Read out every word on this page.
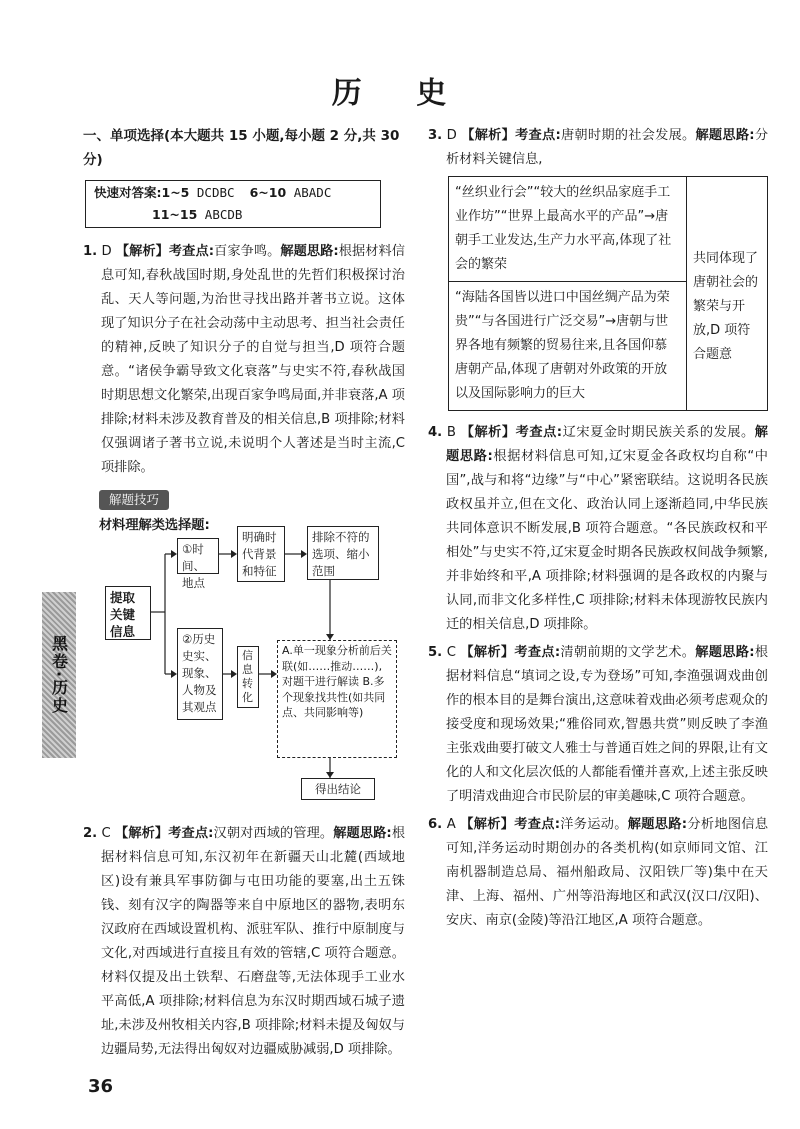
历 史
一、单项选择(本大题共 15 小题,每小题 2 分,共 30 分)
快速对答案:1~5 DCDBC 6~10 ABADC
11~15 ABCDB
1. D 【解析】考查点:百家争鸣。解题思路:根据材料信息可知,春秋战国时期,身处乱世的先哲们积极探讨治乱、天人等问题,为治世寻找出路并著书立说。这体现了知识分子在社会动荡中主动思考、担当社会责任的精神,反映了知识分子的自觉与担当,D 项符合题意。“诸侯争霸导致文化衰落”与史实不符,春秋战国时期思想文化繁荣,出现百家争鸣局面,并非衰落,A 项排除;材料未涉及教育普及的相关信息,B 项排除;材料仅强调诸子著书立说,未说明个人著述是当时主流,C 项排除。
解题技巧
材料理解类选择题:
提取关键信息
①时间、地点
②历史史实、现象、人物及其观点
明确时代背景和特征
排除不符的选项、缩小范围
信息转化
A.单一现象分析前后关联(如……推动……),对题干进行解读 B.多个现象找共性(如共同点、共同影响等)
得出结论
2. C 【解析】考查点:汉朝对西域的管理。解题思路:根据材料信息可知,东汉初年在新疆天山北麓(西域地区)设有兼具军事防御与屯田功能的要塞,出土五铢钱、刻有汉字的陶器等来自中原地区的器物,表明东汉政府在西域设置机构、派驻军队、推行中原制度与文化,对西域进行直接且有效的管辖,C 项符合题意。材料仅提及出土铁犁、石磨盘等,无法体现手工业水平高低,A 项排除;材料信息为东汉时期西域石城子遗址,未涉及州牧相关内容,B 项排除;材料未提及匈奴与边疆局势,无法得出匈奴对边疆威胁减弱,D 项排除。
3. D 【解析】考查点:唐朝时期的社会发展。解题思路:分析材料关键信息,
“丝织业行会”“较大的丝织品家庭手工业作坊”“世界上最高水平的产品”→唐朝手工业发达,生产力水平高,体现了社会的繁荣	共同体现了唐朝社会的繁荣与开放,D 项符合题意
“海陆各国皆以进口中国丝绸产品为荣贵”“与各国进行广泛交易”→唐朝与世界各地有频繁的贸易往来,且各国仰慕唐朝产品,体现了唐朝对外政策的开放以及国际影响力的巨大
4. B 【解析】考查点:辽宋夏金时期民族关系的发展。解题思路:根据材料信息可知,辽宋夏金各政权均自称“中国”,战与和将“边缘”与“中心”紧密联结。这说明各民族政权虽并立,但在文化、政治认同上逐渐趋同,中华民族共同体意识不断发展,B 项符合题意。“各民族政权和平相处”与史实不符,辽宋夏金时期各民族政权间战争频繁,并非始终和平,A 项排除;材料强调的是各政权的内聚与认同,而非文化多样性,C 项排除;材料未体现游牧民族内迁的相关信息,D 项排除。
5. C 【解析】考查点:清朝前期的文学艺术。解题思路:根据材料信息“填词之设,专为登场”可知,李渔强调戏曲创作的根本目的是舞台演出,这意味着戏曲必须考虑观众的接受度和现场效果;“雅俗同欢,智愚共赏”则反映了李渔主张戏曲要打破文人雅士与普通百姓之间的界限,让有文化的人和文化层次低的人都能看懂并喜欢,上述主张反映了明清戏曲迎合市民阶层的审美趣味,C 项符合题意。
6. A 【解析】考查点:洋务运动。解题思路:分析地图信息可知,洋务运动时期创办的各类机构(如京师同文馆、江南机器制造总局、福州船政局、汉阳铁厂等)集中在天津、上海、福州、广州等沿海地区和武汉(汉口/汉阳)、安庆、南京(金陵)等沿江地区,A 项符合题意。
黑卷·历史
36
